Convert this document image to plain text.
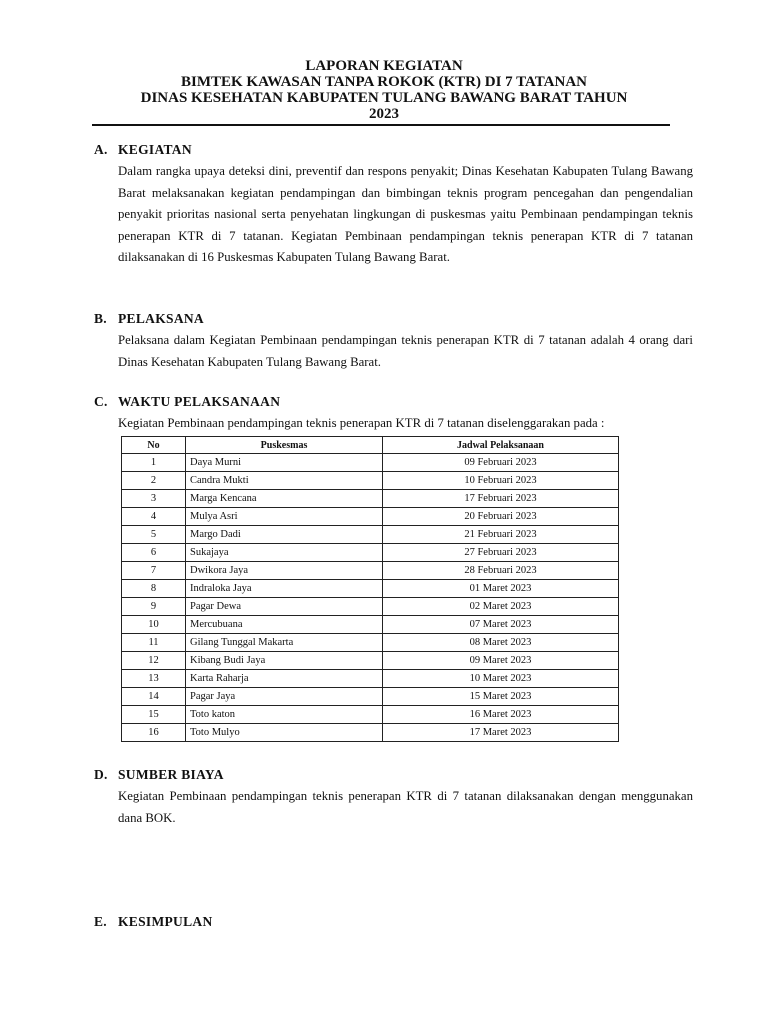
LAPORAN KEGIATAN
BIMTEK KAWASAN TANPA ROKOK (KTR) DI 7 TATANAN
DINAS KESEHATAN KABUPATEN TULANG BAWANG BARAT TAHUN
2023
A. KEGIATAN
Dalam rangka upaya deteksi dini, preventif dan respons penyakit; Dinas Kesehatan Kabupaten Tulang Bawang Barat melaksanakan kegiatan pendampingan dan bimbingan teknis program pencegahan dan pengendalian penyakit prioritas nasional serta penyehatan lingkungan di puskesmas yaitu Pembinaan pendampingan teknis penerapan KTR di 7 tatanan. Kegiatan Pembinaan pendampingan teknis penerapan KTR di 7 tatanan dilaksanakan di 16 Puskesmas Kabupaten Tulang Bawang Barat.
B. PELAKSANA
Pelaksana dalam Kegiatan Pembinaan pendampingan teknis penerapan KTR di 7 tatanan adalah 4 orang dari Dinas Kesehatan Kabupaten Tulang Bawang Barat.
C. WAKTU PELAKSANAAN
Kegiatan Pembinaan pendampingan teknis penerapan KTR di 7 tatanan diselenggarakan pada :
No	Puskesmas	Jadwal Pelaksanaan
1	Daya Murni	09 Februari 2023
2	Candra Mukti	10 Februari 2023
3	Marga Kencana	17 Februari 2023
4	Mulya Asri	20 Februari 2023
5	Margo Dadi	21 Februari 2023
6	Sukajaya	27 Februari 2023
7	Dwikora Jaya	28 Februari 2023
8	Indraloka Jaya	01 Maret 2023
9	Pagar Dewa	02 Maret 2023
10	Mercubuana	07 Maret 2023
11	Gilang Tunggal Makarta	08 Maret 2023
12	Kibang Budi Jaya	09 Maret 2023
13	Karta Raharja	10 Maret 2023
14	Pagar Jaya	15 Maret 2023
15	Toto katon	16 Maret 2023
16	Toto Mulyo	17 Maret 2023
D. SUMBER BIAYA
Kegiatan Pembinaan pendampingan teknis penerapan KTR di 7 tatanan dilaksanakan dengan menggunakan dana BOK.
E. KESIMPULAN
